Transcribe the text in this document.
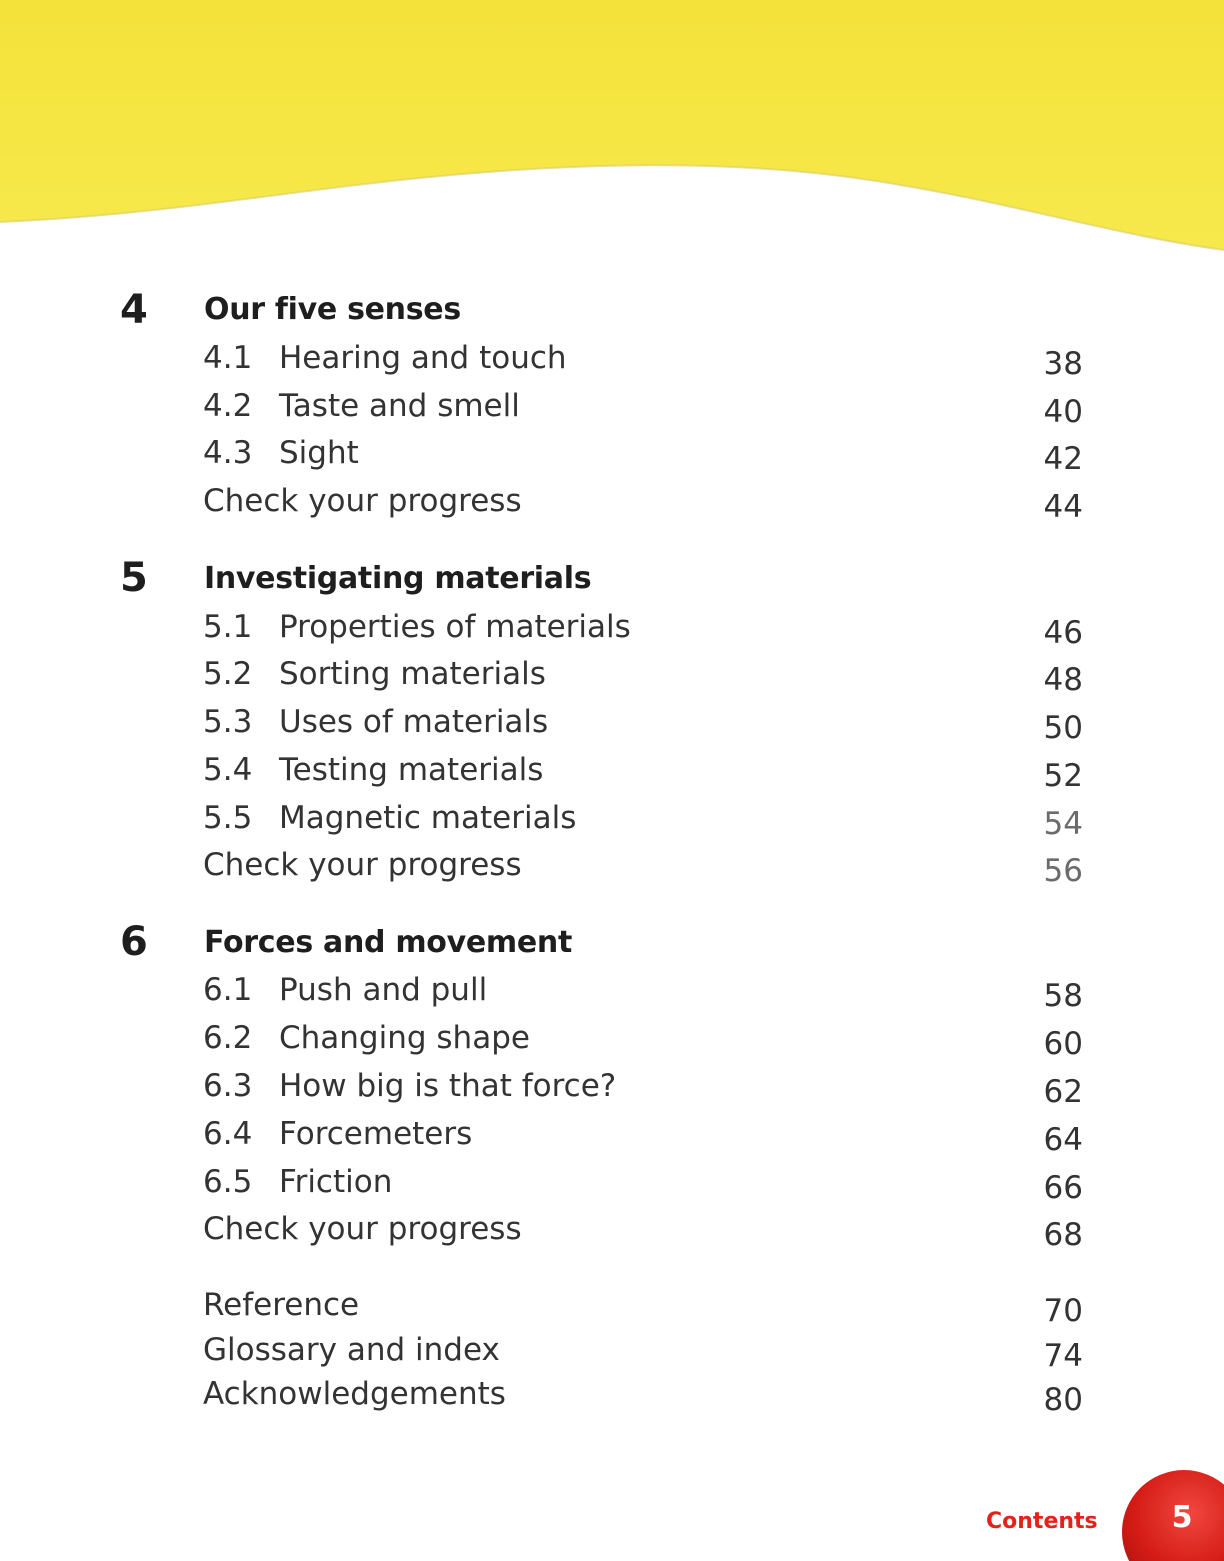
4	Our five senses
4.1 Hearing and touch	38
4.2 Taste and smell	40
4.3 Sight	42
Check your progress	44
5	Investigating materials
5.1 Properties of materials	46
5.2 Sorting materials	48
5.3 Uses of materials	50
5.4 Testing materials	52
5.5 Magnetic materials	54
Check your progress	56
6	Forces and movement
6.1 Push and pull	58
6.2 Changing shape	60
6.3 How big is that force?	62
6.4 Forcemeters	64
6.5 Friction	66
Check your progress	68
Reference	70
Glossary and index	74
Acknowledgements	80
Contents	5
